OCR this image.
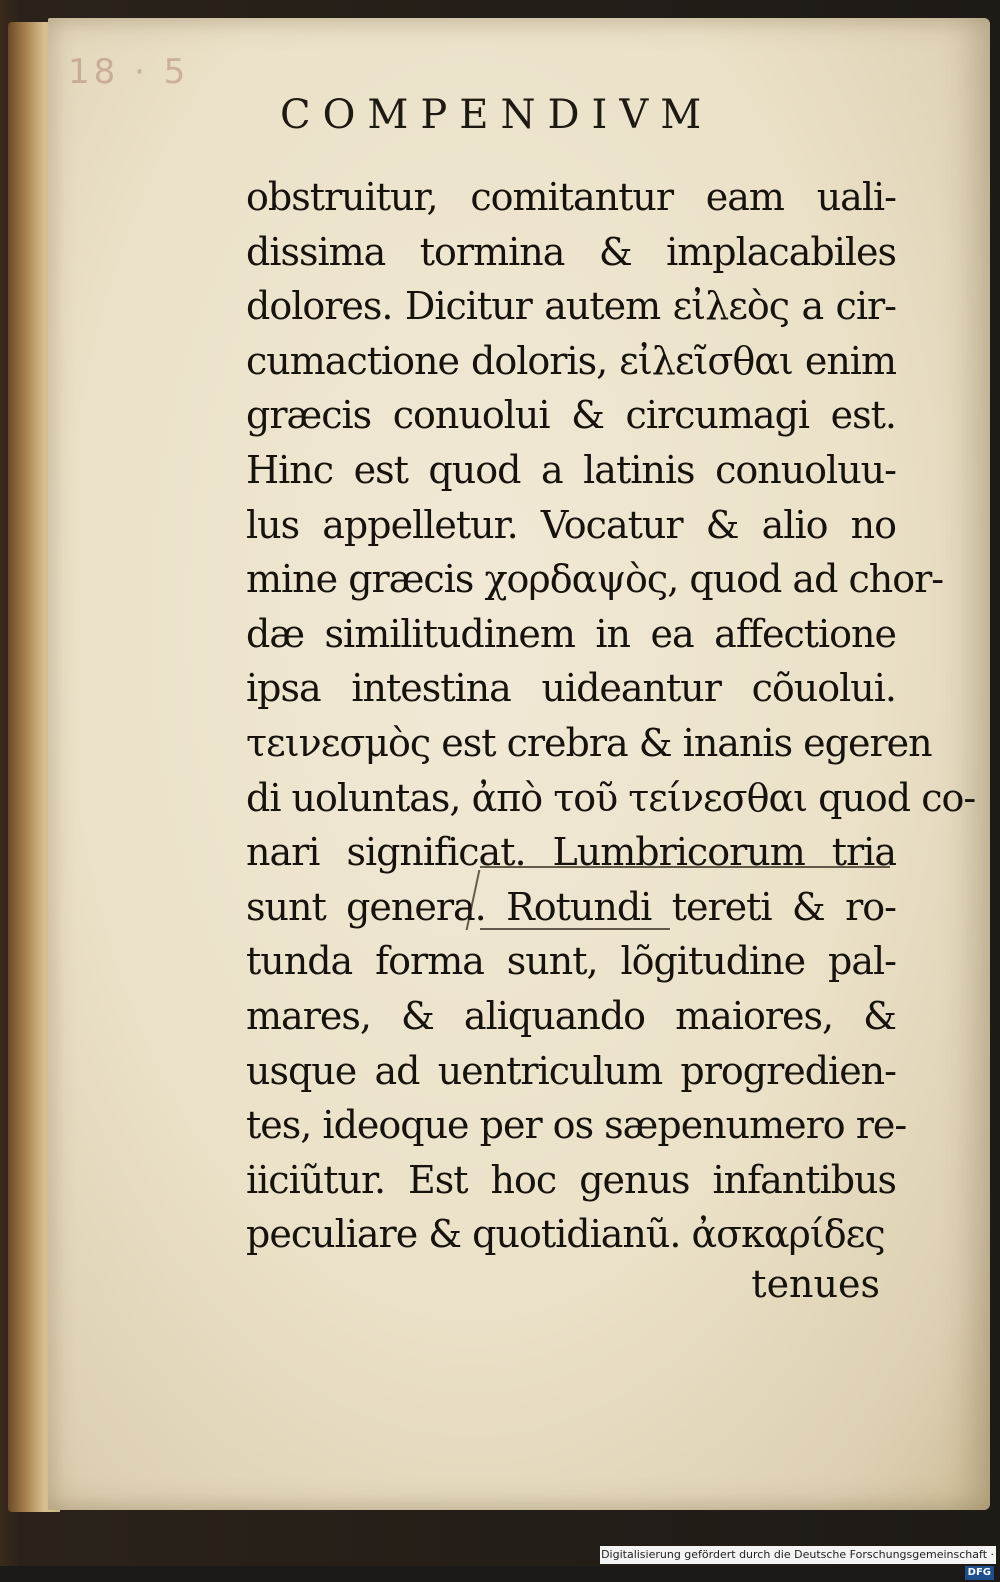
18 · 5
COMPENDIVM
obstruitur, comitantur eam uali-
dissima tormina & implacabiles
dolores. Dicitur autem εἰλεὸς a cir-
cumactione doloris, εἰλεῖσθαι enim
græcis conuolui & circumagi est.
Hinc est quod a latinis conuoluu-
lus appelletur. Vocatur & alio no
mine græcis χορδαψὸς, quod ad chor-
dæ similitudinem in ea affectione
ipsa intestina uideantur cõuolui.
τεινεσμὸς est crebra & inanis egeren
di uoluntas, ἀπὸ τοῦ τείνεσθαι quod co-
nari significat. Lumbricorum tria
sunt genera. Rotundi tereti & ro-
tunda forma sunt, lõgitudine pal-
mares, & aliquando maiores, &
usque ad uentriculum progredien-
tes, ideoque per os sæpenumero re-
iiciũtur. Est hoc genus infantibus
peculiare & quotidianũ. ἀσκαρίδες
tenues
Digitalisierung gefördert durch die Deutsche Forschungsgemeinschaft · DFG
